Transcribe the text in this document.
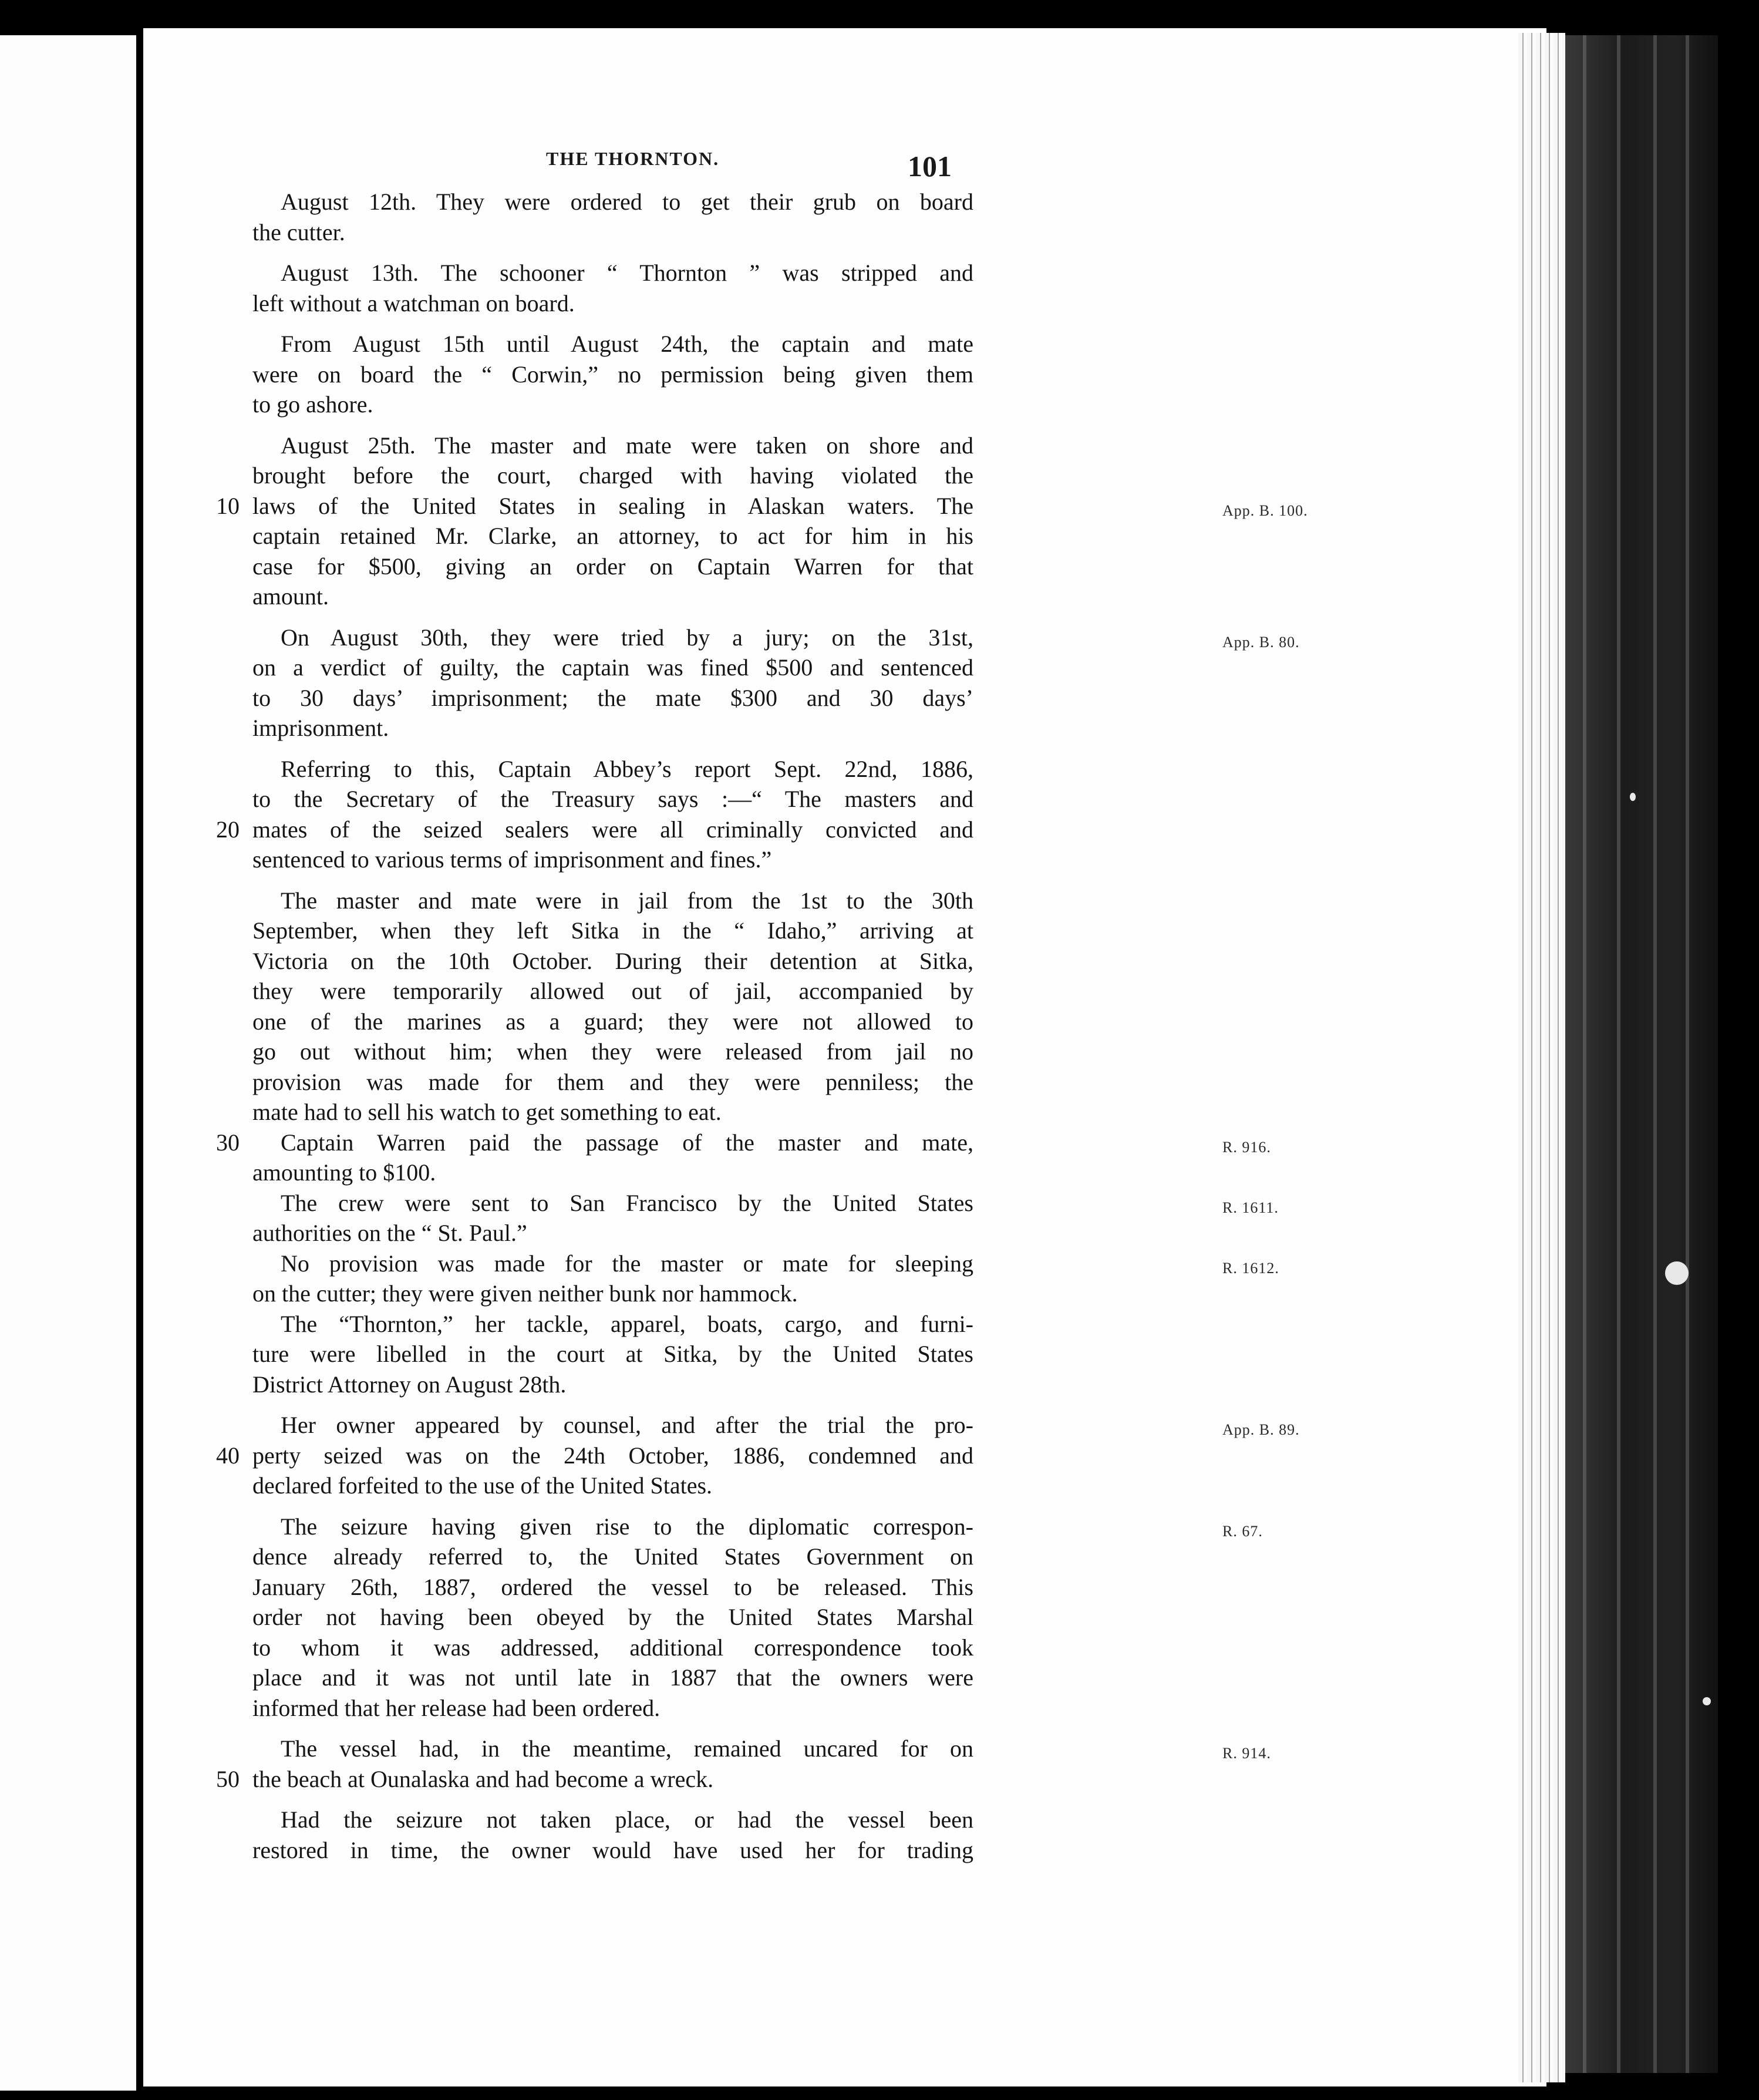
THE THORNTON.	101
August 12th. They were ordered to get their grub on board
the cutter.
August 13th. The schooner “ Thornton ” was stripped and
left without a watchman on board.
From August 15th until August 24th, the captain and mate
were on board the “ Corwin,” no permission being given them
to go ashore.
August 25th. The master and mate were taken on shore and
brought before the court, charged with having violated the
laws of the United States in sealing in Alaskan waters. The
10	App. B. 100.
captain retained Mr. Clarke, an attorney, to act for him in his
case for $500, giving an order on Captain Warren for that
amount.
On August 30th, they were tried by a jury; on the 31st,	App. B. 80.
on a verdict of guilty, the captain was fined $500 and sentenced
to 30 days’ imprisonment; the mate $300 and 30 days’
imprisonment.
Referring to this, Captain Abbey’s report Sept. 22nd, 1886,
to the Secretary of the Treasury says :—“ The masters and
mates of the seized sealers were all criminally convicted and
20
sentenced to various terms of imprisonment and fines.”
The master and mate were in jail from the 1st to the 30th
September, when they left Sitka in the “ Idaho,” arriving at
Victoria on the 10th October. During their detention at Sitka,
they were temporarily allowed out of jail, accompanied by
one of the marines as a guard; they were not allowed to
go out without him; when they were released from jail no
provision was made for them and they were penniless; the
mate had to sell his watch to get something to eat.
Captain Warren paid the passage of the master and mate,
30	R. 916.
amounting to $100.
The crew were sent to San Francisco by the United States	R. 1611.
authorities on the “ St. Paul.”
No provision was made for the master or mate for sleeping	R. 1612.
on the cutter; they were given neither bunk nor hammock.
The “Thornton,” her tackle, apparel, boats, cargo, and furni-
ture were libelled in the court at Sitka, by the United States
District Attorney on August 28th.
Her owner appeared by counsel, and after the trial the pro-	App. B. 89.
perty seized was on the 24th October, 1886, condemned and
40
declared forfeited to the use of the United States.
The seizure having given rise to the diplomatic correspon-	R. 67.
dence already referred to, the United States Government on
January 26th, 1887, ordered the vessel to be released. This
order not having been obeyed by the United States Marshal
to whom it was addressed, additional correspondence took
place and it was not until late in 1887 that the owners were
informed that her release had been ordered.
The vessel had, in the meantime, remained uncared for on	R. 914.
the beach at Ounalaska and had become a wreck.
50
Had the seizure not taken place, or had the vessel been
restored in time, the owner would have used her for trading
